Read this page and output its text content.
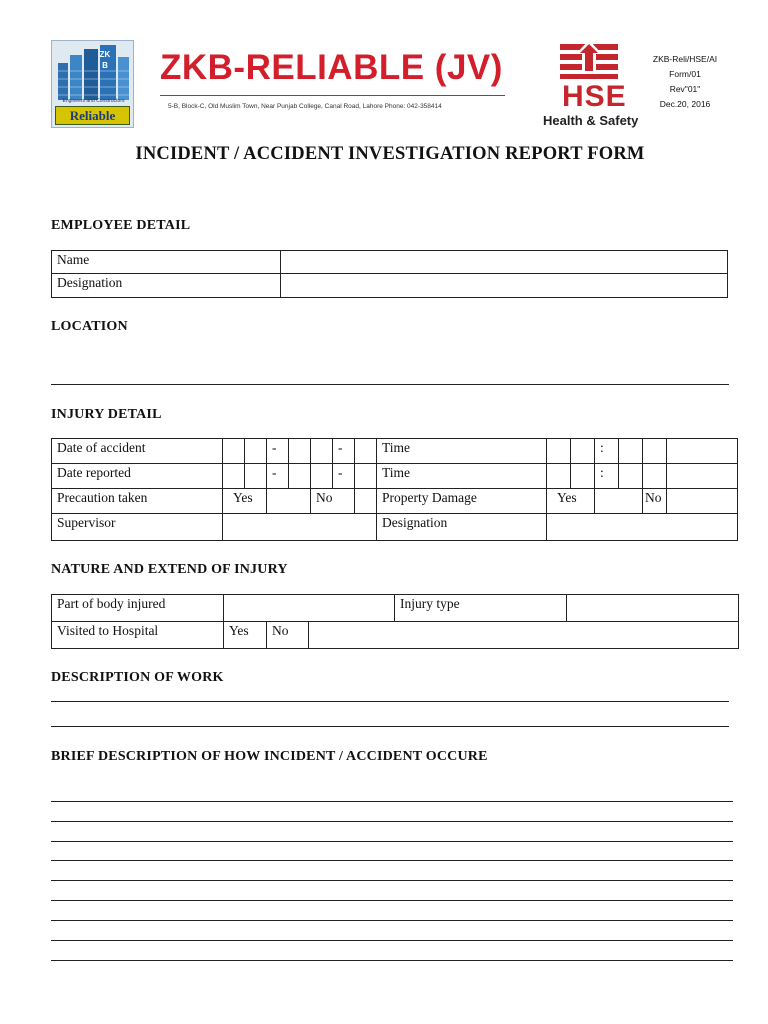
ZKB
Engineers and Constructors
Reliable
ZKB-RELIABLE (JV)
5-B, Block-C, Old Muslim Town, Near Punjab College, Canal Road, Lahore Phone: 042-358414	HSE
Health & Safety
ZKB-Reli/HSE/AI
Form/01
Rev"01"
Dec.20, 2016
INCIDENT / ACCIDENT INVESTIGATION REPORT FORM
EMPLOYEE DETAIL
Name	
Designation	
LOCATION
INJURY DETAIL
Date of accident			-			-		Time			:			
Date reported			-			-		Time			:			
Precaution taken	Yes				No			Property Damage	Yes				No	
Supervisor								Designation						
NATURE AND EXTEND OF INJURY
Part of body injured				Injury type	
Visited to Hospital	Yes	No			
DESCRIPTION OF WORK
BRIEF DESCRIPTION OF HOW INCIDENT / ACCIDENT OCCURE
